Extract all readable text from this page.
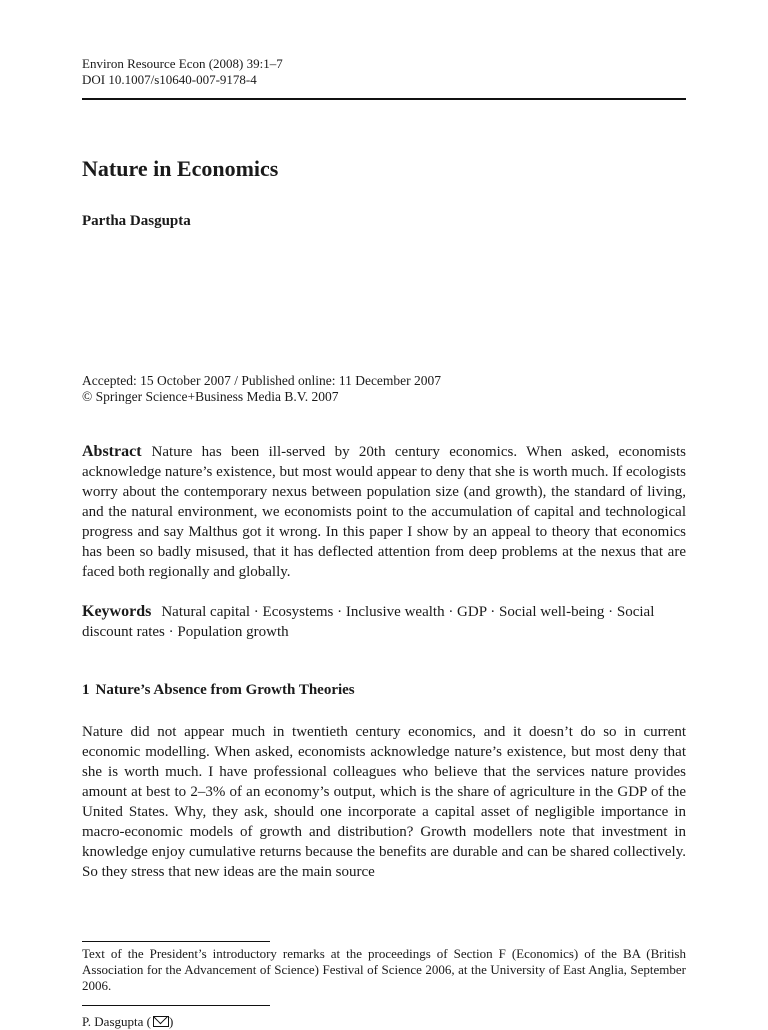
Environ Resource Econ (2008) 39:1–7
DOI 10.1007/s10640-007-9178-4
Nature in Economics
Partha Dasgupta
Accepted: 15 October 2007 / Published online: 11 December 2007
© Springer Science+Business Media B.V. 2007

Abstract Nature has been ill-served by 20th century economics. When asked, economists acknowledge nature’s existence, but most would appear to deny that she is worth much. If ecologists worry about the contemporary nexus between population size (and growth), the standard of living, and the natural environment, we economists point to the accumulation of capital and technological progress and say Malthus got it wrong. In this paper I show by an appeal to theory that economics has been so badly misused, that it has deflected attention from deep problems at the nexus that are faced both regionally and globally.

Keywords Natural capital · Ecosystems · Inclusive wealth · GDP · Social well-being · Social discount rates · Population growth

1 Nature’s Absence from Growth Theories

Nature did not appear much in twentieth century economics, and it doesn’t do so in current economic modelling. When asked, economists acknowledge nature’s existence, but most deny that she is worth much. I have professional colleagues who believe that the services nature provides amount at best to 2–3% of an economy’s output, which is the share of agriculture in the GDP of the United States. Why, they ask, should one incorporate a capital asset of negligible importance in macro-economic models of growth and distribution? Growth modellers note that investment in knowledge enjoy cumulative returns because the benefits are durable and can be shared collectively. So they stress that new ideas are the main source

Text of the President’s introductory remarks at the proceedings of Section F (Economics) of the BA (British Association for the Advancement of Science) Festival of Science 2006, at the University of East Anglia, September 2006.

P. Dasgupta ( )
